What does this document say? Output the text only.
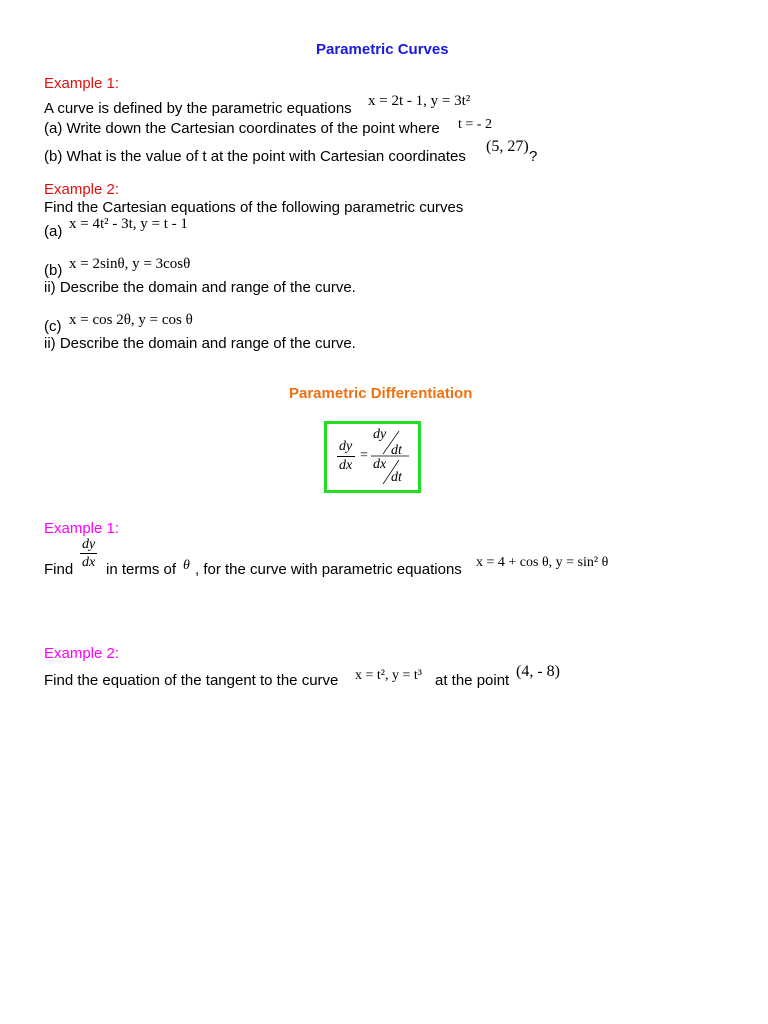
Parametric Curves
Example 1:
A curve is defined by the parametric equations x = 2t - 1, y = 3t²
(a) Write down the Cartesian coordinates of the point where t = - 2
(b) What is the value of t at the point with Cartesian coordinates
(5, 27)
?
Example 2:
Find the Cartesian equations of the following parametric curves
(a) x = 4t² - 3t, y = t - 1
(b) x = 2sinθ, y = 3cosθ
ii) Describe the domain and range of the curve.
(c) x = cos 2θ, y = cos θ
ii) Describe the domain and range of the curve.
Parametric Differentiation
dy
dx
=
dy
dt
dx
dt
Example 1:
Find $\frac{dy}{dx}$ in terms of θ , for the curve with parametric equations x = 4 + cos θ, y = sin² θ
Example 2:
Find the equation of the tangent to the curve x = t², y = t³ at the point
(4, - 8)
